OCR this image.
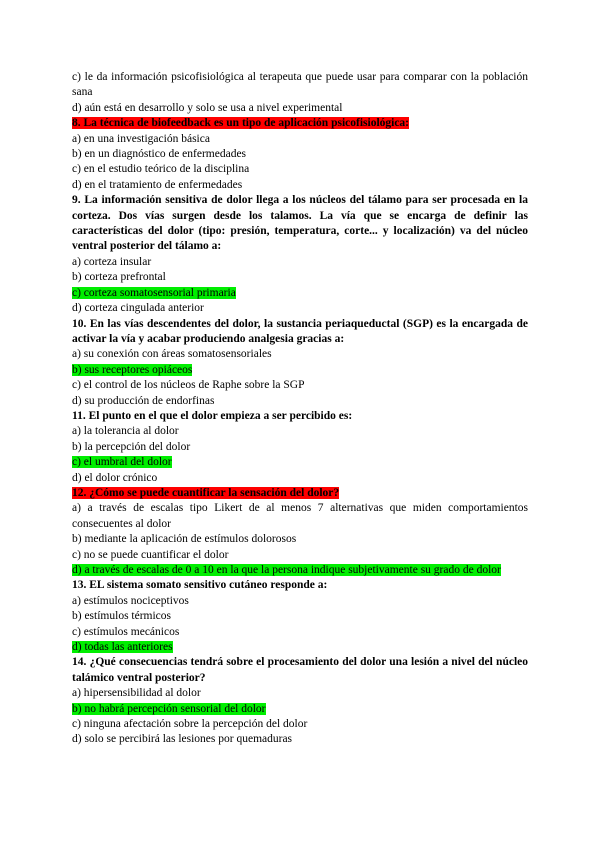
c) le da información psicofisiológica al terapeuta que puede usar para comparar con la población sana
d) aún está en desarrollo y solo se usa a nivel experimental
8. La técnica de biofeedback es un tipo de aplicación psicofisiológica:
a) en una investigación básica
b) en un diagnóstico de enfermedades
c) en el estudio teórico de la disciplina
d) en el tratamiento de enfermedades
9. La información sensitiva de dolor llega a los núcleos del tálamo para ser procesada en la corteza. Dos vías surgen desde los talamos. La vía que se encarga de definir las características del dolor (tipo: presión, temperatura, corte... y localización) va del núcleo ventral posterior del tálamo a:
a) corteza insular
b) corteza prefrontal
c) corteza somatosensorial primaria
d) corteza cingulada anterior
10. En las vías descendentes del dolor, la sustancia periaqueductal (SGP) es la encargada de activar la vía y acabar produciendo analgesia gracias a:
a) su conexión con áreas somatosensoriales
b) sus receptores opiáceos
c) el control de los núcleos de Raphe sobre la SGP
d) su producción de endorfinas
11. El punto en el que el dolor empieza a ser percibido es:
a) la tolerancia al dolor
b) la percepción del dolor
c) el umbral del dolor
d) el dolor crónico
12. ¿Cómo se puede cuantificar la sensación del dolor?
a) a través de escalas tipo Likert de al menos 7 alternativas que miden comportamientos consecuentes al dolor
b) mediante la aplicación de estímulos dolorosos
c) no se puede cuantificar el dolor
d) a través de escalas de 0 a 10 en la que la persona indique subjetivamente su grado de dolor
13. EL sistema somato sensitivo cutáneo responde a:
a) estímulos nociceptivos
b) estímulos térmicos
c) estímulos mecánicos
d) todas las anteriores
14. ¿Qué consecuencias tendrá sobre el procesamiento del dolor una lesión a nivel del núcleo talámico ventral posterior?
a) hipersensibilidad al dolor
b) no habrá percepción sensorial del dolor
c) ninguna afectación sobre la percepción del dolor
d) solo se percibirá las lesiones por quemaduras
